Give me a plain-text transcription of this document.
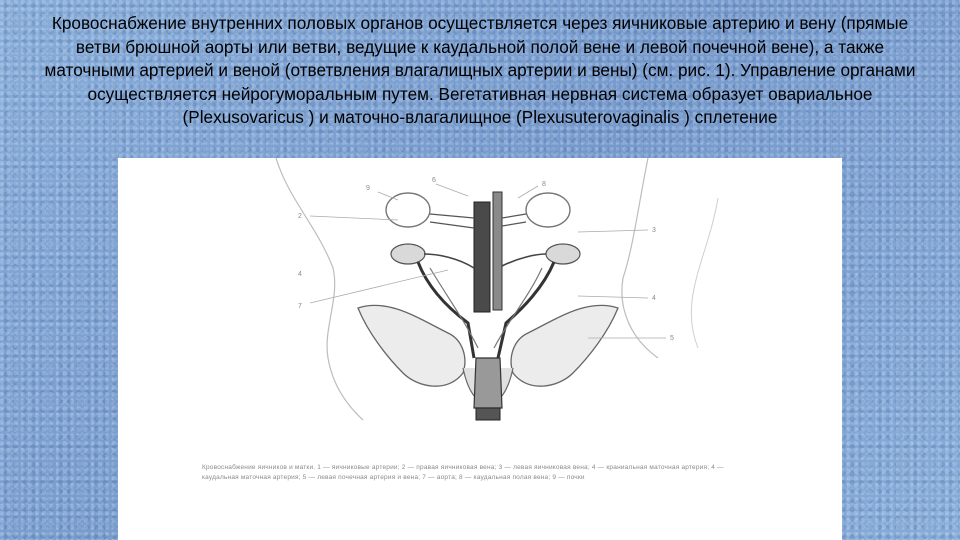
Кровоснабжение внутренних половых органов осуществляется через яичниковые артерию и вену (прямые ветви брюшной аорты или ветви, ведущие к каудальной полой вене и левой почечной вене), а также маточными артерией и веной (ответвления влагалищных артерии и вены) (см. рис. 1). Управление органами осуществляется нейрогуморальным путем. Вегетативная нервная система образует овариальное (Plexusovaricus ) и маточно-влагалищное (Plexusuterovaginalis ) сплетение

9
6
8
2
3
7
4
4
5

Кровоснабжение яичников и матки. 1 — яичниковые артерии; 2 — правая яичниковая вена; 3 — левая яичниковая вена; 4 — краниальная маточная артерия; 4 — каудальная маточная артерия; 5 — левая почечная артерия и вена; 7 — аорта; 8 — каудальная полая вена; 9 — почки
